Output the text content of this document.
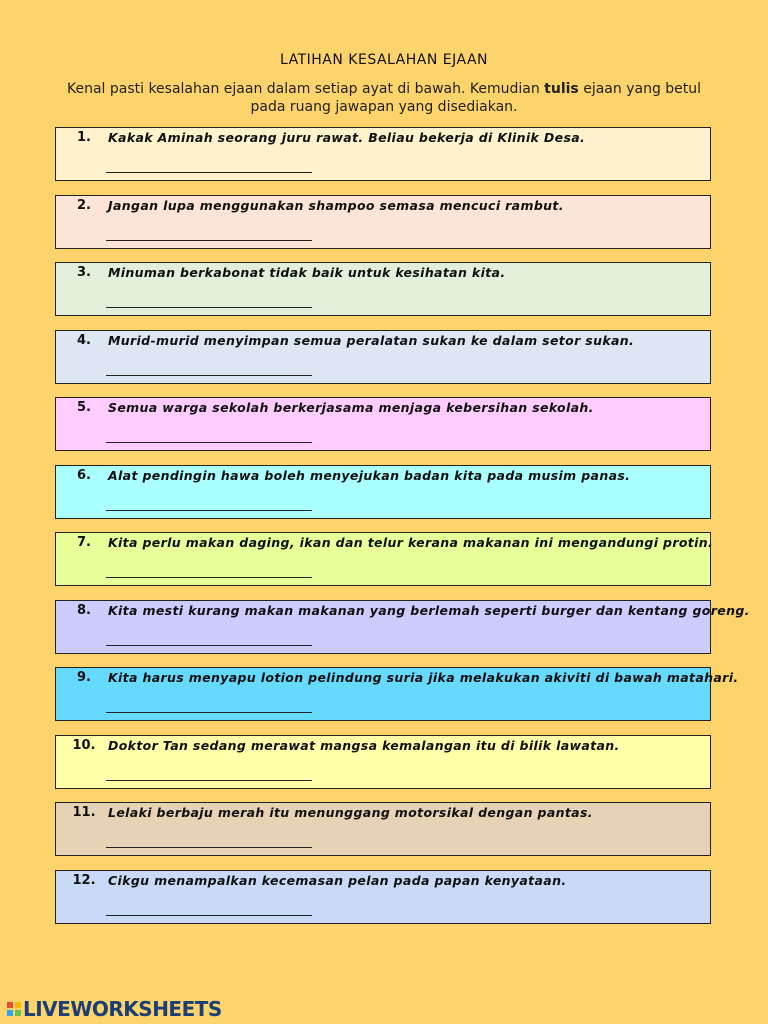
LATIHAN KESALAHAN EJAAN
Kenal pasti kesalahan ejaan dalam setiap ayat di bawah. Kemudian tulis ejaan yang betul pada ruang jawapan yang disediakan.
1.	Kakak Aminah seorang juru rawat. Beliau bekerja di Klinik Desa.
2.	Jangan lupa menggunakan shampoo semasa mencuci rambut.
3.	Minuman berkabonat tidak baik untuk kesihatan kita.
4.	Murid-murid menyimpan semua peralatan sukan ke dalam setor sukan.
5.	Semua warga sekolah berkerjasama menjaga kebersihan sekolah.
6.	Alat pendingin hawa boleh menyejukan badan kita pada musim panas.
7.	Kita perlu makan daging, ikan dan telur kerana makanan ini mengandungi protin.
8.	Kita mesti kurang makan makanan yang berlemah seperti burger dan kentang goreng.
9.	Kita harus menyapu lotion pelindung suria jika melakukan akiviti di bawah matahari.
10. Doktor Tan sedang merawat mangsa kemalangan itu di bilik lawatan.
11. Lelaki berbaju merah itu menunggang motorsikal dengan pantas.
12. Cikgu menampalkan kecemasan pelan pada papan kenyataan.
LIVEWORKSHEETS
